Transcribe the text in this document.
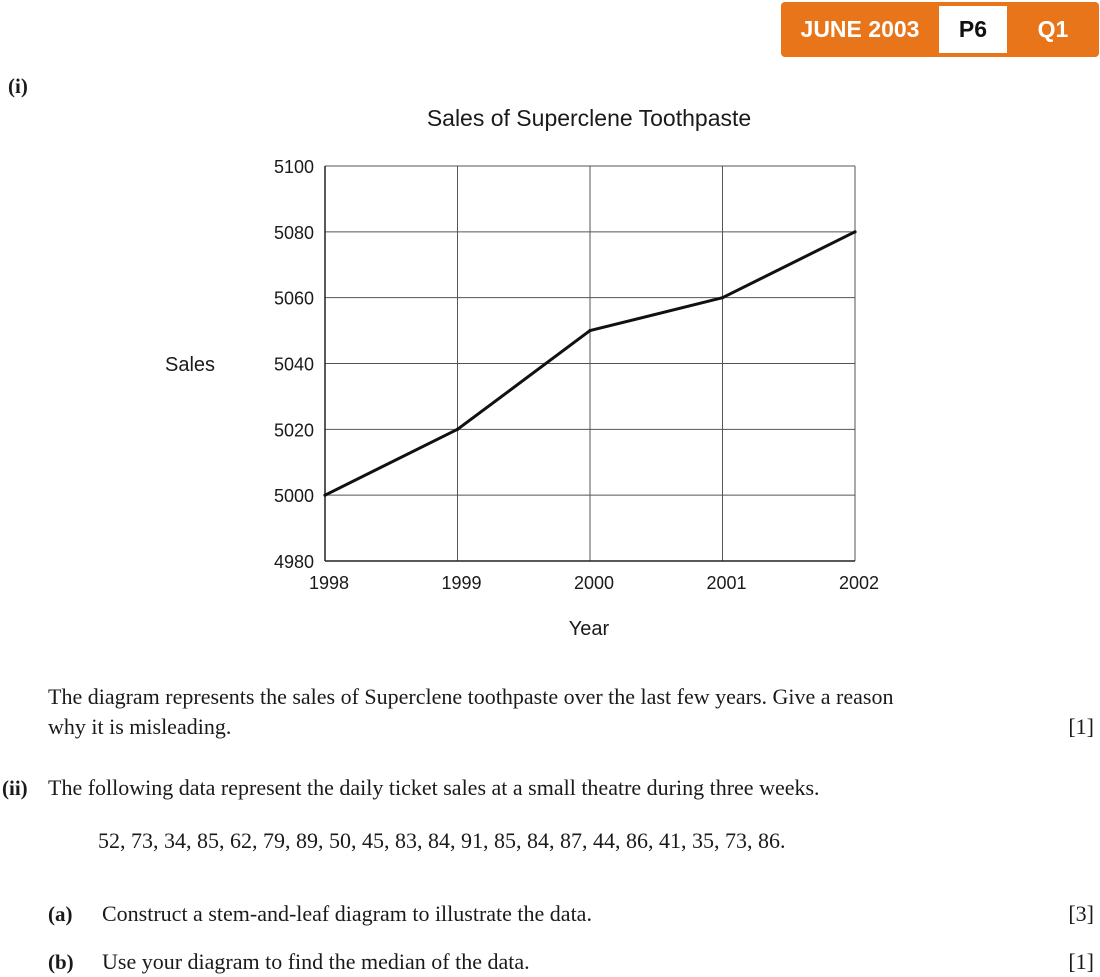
JUNE 2003	P6	Q1
(i)
4980
5000
5020
5040
5060
5080
5100
1998	1999	2000	2001	2002
Sales of Superclene Toothpaste
Sales
Year
The diagram represents the sales of Superclene toothpaste over the last few years. Give a reason
why it is misleading.	[1]
(ii) The following data represent the daily ticket sales at a small theatre during three weeks.
52, 73, 34, 85, 62, 79, 89, 50, 45, 83, 84, 91, 85, 84, 87, 44, 86, 41, 35, 73, 86.
(a) Construct a stem-and-leaf diagram to illustrate the data.	[3]
(b) Use your diagram to find the median of the data.	[1]
